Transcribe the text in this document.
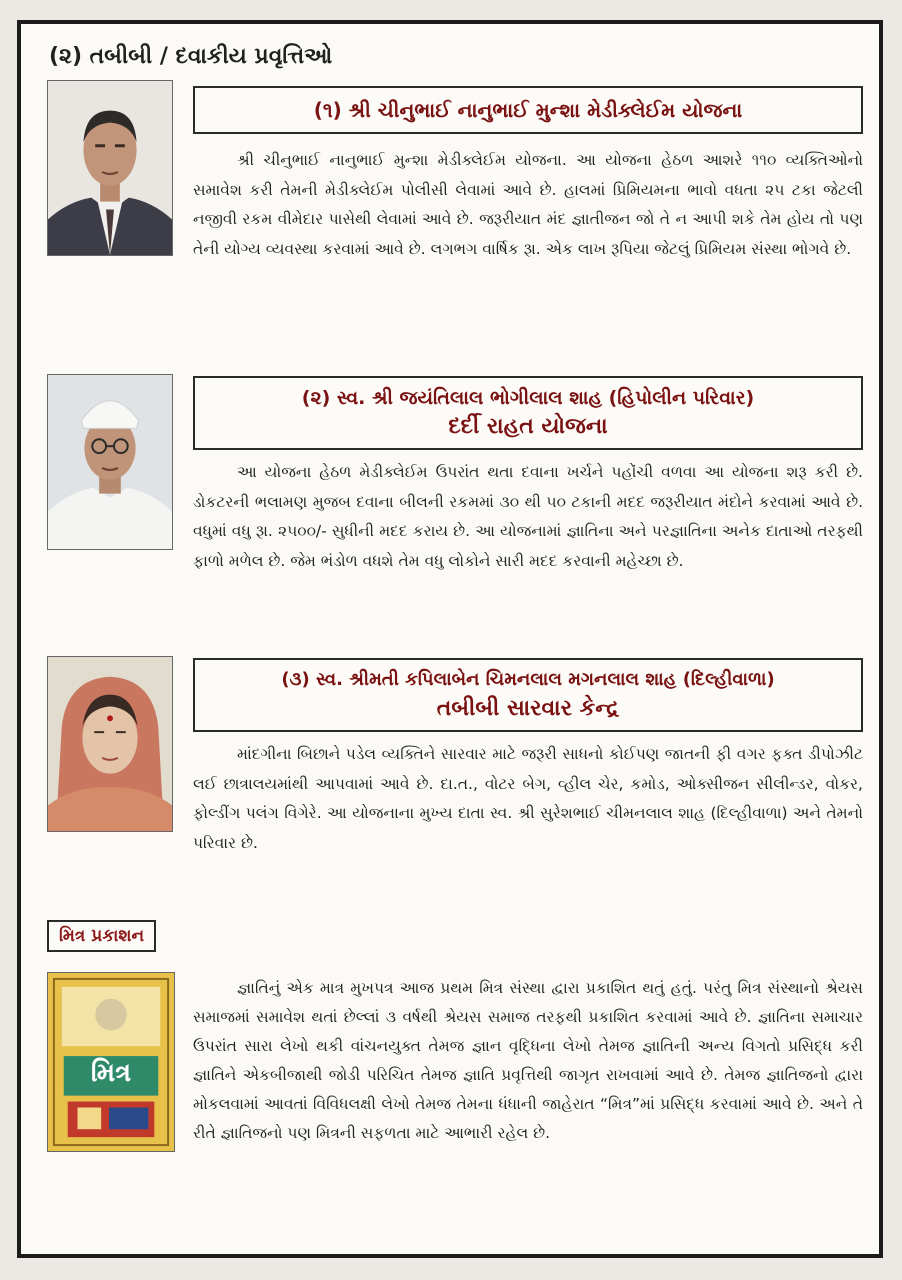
(૨) તબીબી / દવાકીય પ્રવૃત્તિઓ
(૧) શ્રી ચીનુભાઈ નાનુભાઈ મુન્શા મેડીક્લેઈમ યોજના

શ્રી ચીનુભાઈ નાનુભાઈ મુન્શા મેડીક્લેઈમ યોજના. આ યોજના હેઠળ આશરે ૧૧૦ વ્યક્તિઓનો સમાવેશ કરી તેમની મેડીક્લેઈમ પોલીસી લેવામાં આવે છે. હાલમાં પ્રિમિયમના ભાવો વધતા ૨૫ ટકા જેટલી નજીવી રકમ વીમેદાર પાસેથી લેવામાં આવે છે. જરૂરીયાત મંદ જ્ઞાતીજન જો તે ન આપી શકે તેમ હોય તો પણ તેની યોગ્ય વ્યવસ્થા કરવામાં આવે છે. લગભગ વાર્ષિક રૂા. એક લાખ રૂપિયા જેટલું પ્રિમિયમ સંસ્થા ભોગવે છે.

(૨) સ્વ. શ્રી જયંતિલાલ ભોગીલાલ શાહ (હિપોલીન પરિવાર)
દર્દી રાહત યોજના

આ યોજના હેઠળ મેડીક્લેઈમ ઉપરાંત થતા દવાના ખર્ચને પહોંચી વળવા આ યોજના શરૂ કરી છે. ડોકટરની ભલામણ મુજબ દવાના બીલની રકમમાં ૩૦ થી ૫૦ ટકાની મદદ જરૂરીયાત મંદોને કરવામાં આવે છે. વધુમાં વધુ રૂા. ૨૫૦૦/- સુધીની મદદ કરાય છે. આ યોજનામાં જ્ઞાતિના અને પરજ્ઞાતિના અનેક દાતાઓ તરફથી ફાળો મળેલ છે. જેમ ભંડોળ વધશે તેમ વધુ લોકોને સારી મદદ કરવાની મહેચ્છા છે.

(૩) સ્વ. શ્રીમતી કપિલાબેન ચિમનલાલ મગનલાલ શાહ (દિલ્હીવાળા)
તબીબી સારવાર કેન્દ્ર

માંદગીના બિછાને પડેલ વ્યક્તિને સારવાર માટે જરૂરી સાધનો કોઈપણ જાતની ફી વગર ફક્ત ડીપોઝીટ લઈ છાત્રાલયમાંથી આપવામાં આવે છે. દા.ત., વોટર બેગ, વ્હીલ ચેર, કમોડ, ઓક્સીજન સીલીન્ડર, વોકર, ફોલ્ડીંગ પલંગ વિગેરે. આ યોજનાના મુખ્ય દાતા સ્વ. શ્રી સુરેશભાઈ ચીમનલાલ શાહ (દિલ્હીવાળા) અને તેમનો પરિવાર છે.

મિત્ર પ્રકાશન
મિત્ર

જ્ઞાતિનું એક માત્ર મુખપત્ર આજ પ્રથમ મિત્ર સંસ્થા દ્વારા પ્રકાશિત થતું હતું. પરંતુ મિત્ર સંસ્થાનો શ્રેયસ સમાજમાં સમાવેશ થતાં છેલ્લાં ૩ વર્ષથી શ્રેયસ સમાજ તરફથી પ્રકાશિત કરવામાં આવે છે. જ્ઞાતિના સમાચાર ઉપરાંત સારા લેખો થકી વાંચનયુક્ત તેમજ જ્ઞાન વૃદ્ધિના લેખો તેમજ જ્ઞાતિની અન્ય વિગતો પ્રસિદ્ધ કરી જ્ઞાતિને એકબીજાથી જોડી પરિચિત તેમજ જ્ઞાતિ પ્રવૃત્તિથી જાગૃત રાખવામાં આવે છે. તેમજ જ્ઞાતિજનો દ્વારા મોકલવામાં આવતાં વિવિધલક્ષી લેખો તેમજ તેમના ધંધાની જાહેરાત “મિત્ર”માં પ્રસિદ્ધ કરવામાં આવે છે. અને તે રીતે જ્ઞાતિજનો પણ મિત્રની સફળતા માટે આભારી રહેલ છે.
